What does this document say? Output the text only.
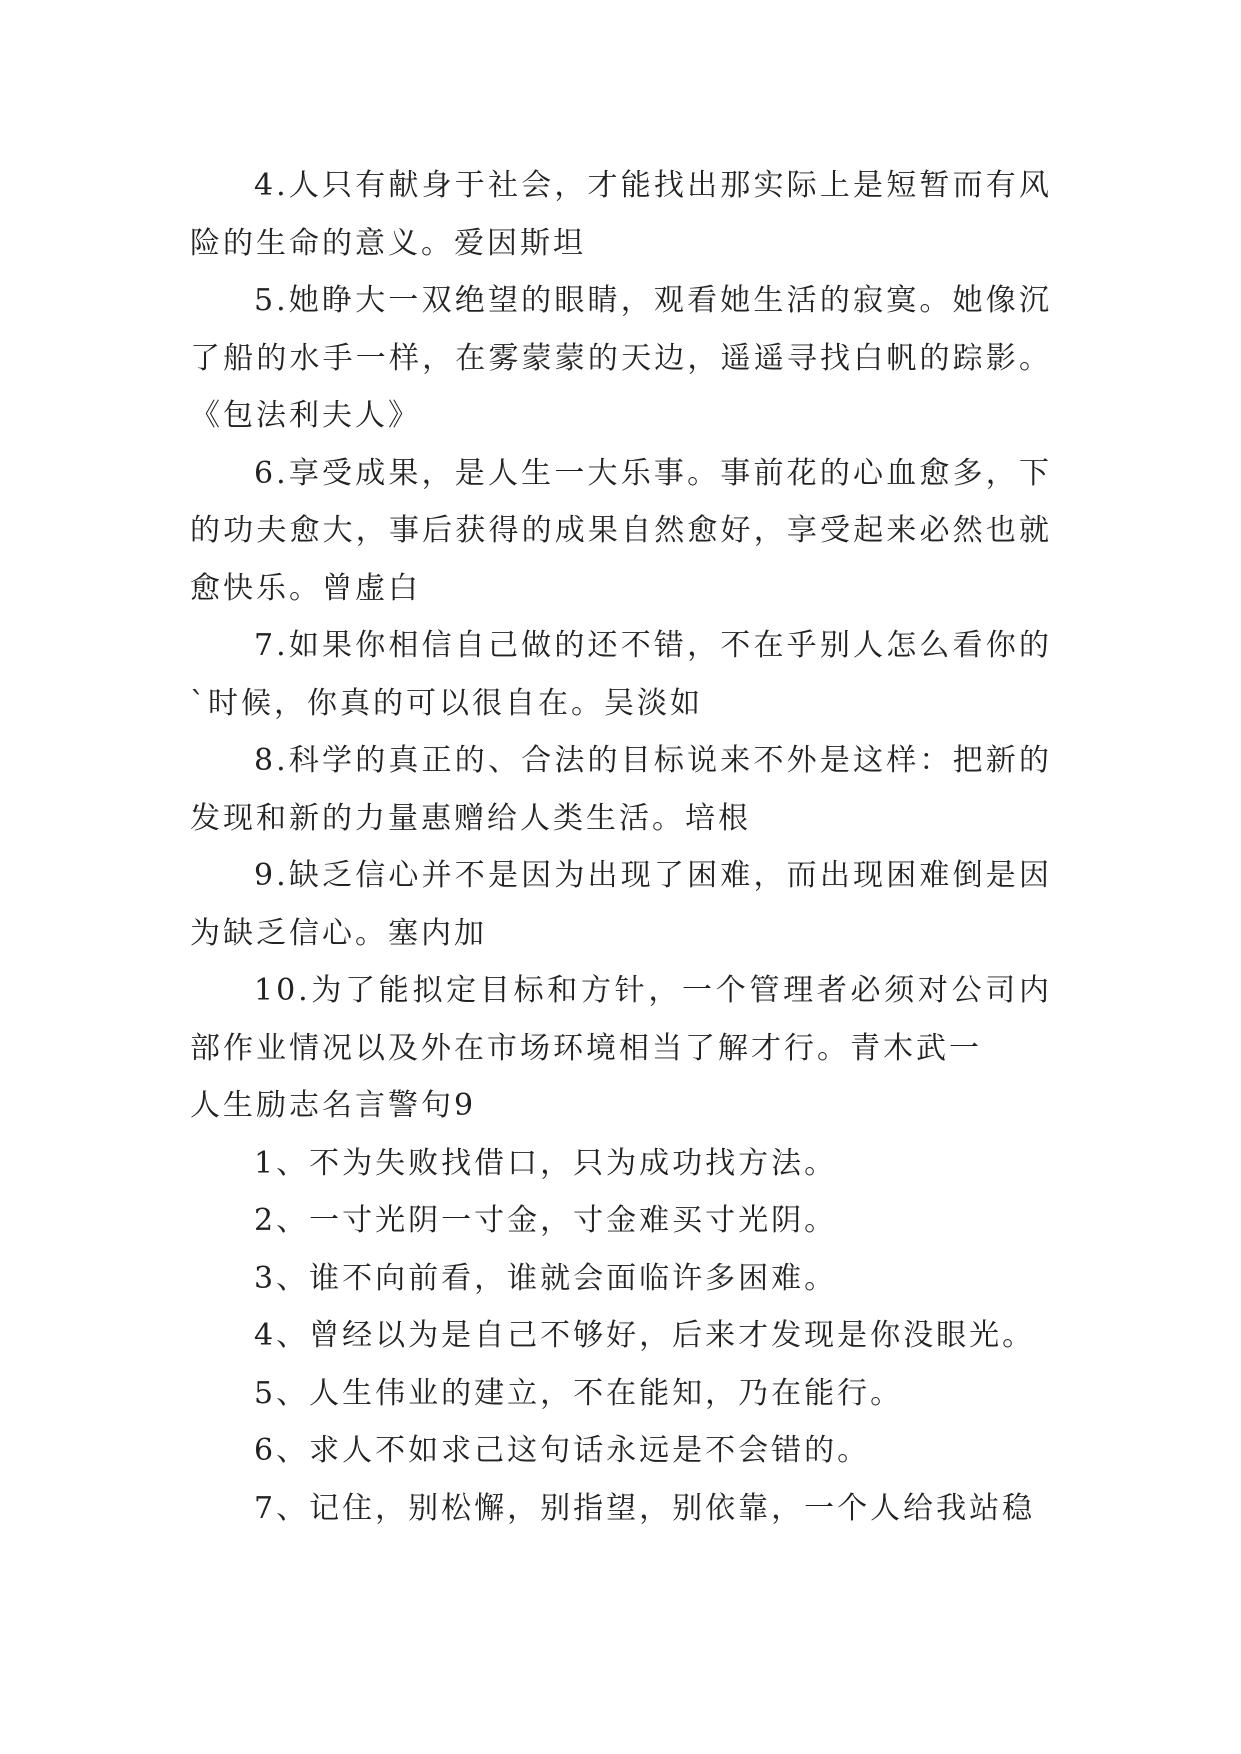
4.人只有献身于社会，才能找出那实际上是短暂而有风险的生命的意义。爱因斯坦

5.她睁大一双绝望的眼睛，观看她生活的寂寞。她像沉了船的水手一样，在雾蒙蒙的天边，遥遥寻找白帆的踪影。《包法利夫人》

6.享受成果，是人生一大乐事。事前花的心血愈多，下的功夫愈大，事后获得的成果自然愈好，享受起来必然也就愈快乐。曾虚白

7.如果你相信自己做的还不错，不在乎别人怎么看你的`时候，你真的可以很自在。吴淡如

8.科学的真正的、合法的目标说来不外是这样：把新的发现和新的力量惠赠给人类生活。培根

9.缺乏信心并不是因为出现了困难，而出现困难倒是因为缺乏信心。塞内加

10.为了能拟定目标和方针，一个管理者必须对公司内部作业情况以及外在市场环境相当了解才行。青木武一

人生励志名言警句9

1、不为失败找借口，只为成功找方法。

2、一寸光阴一寸金，寸金难买寸光阴。

3、谁不向前看，谁就会面临许多困难。

4、曾经以为是自己不够好，后来才发现是你没眼光。

5、人生伟业的建立，不在能知，乃在能行。

6、求人不如求己这句话永远是不会错的。

7、记住，别松懈，别指望，别依靠，一个人给我站稳
